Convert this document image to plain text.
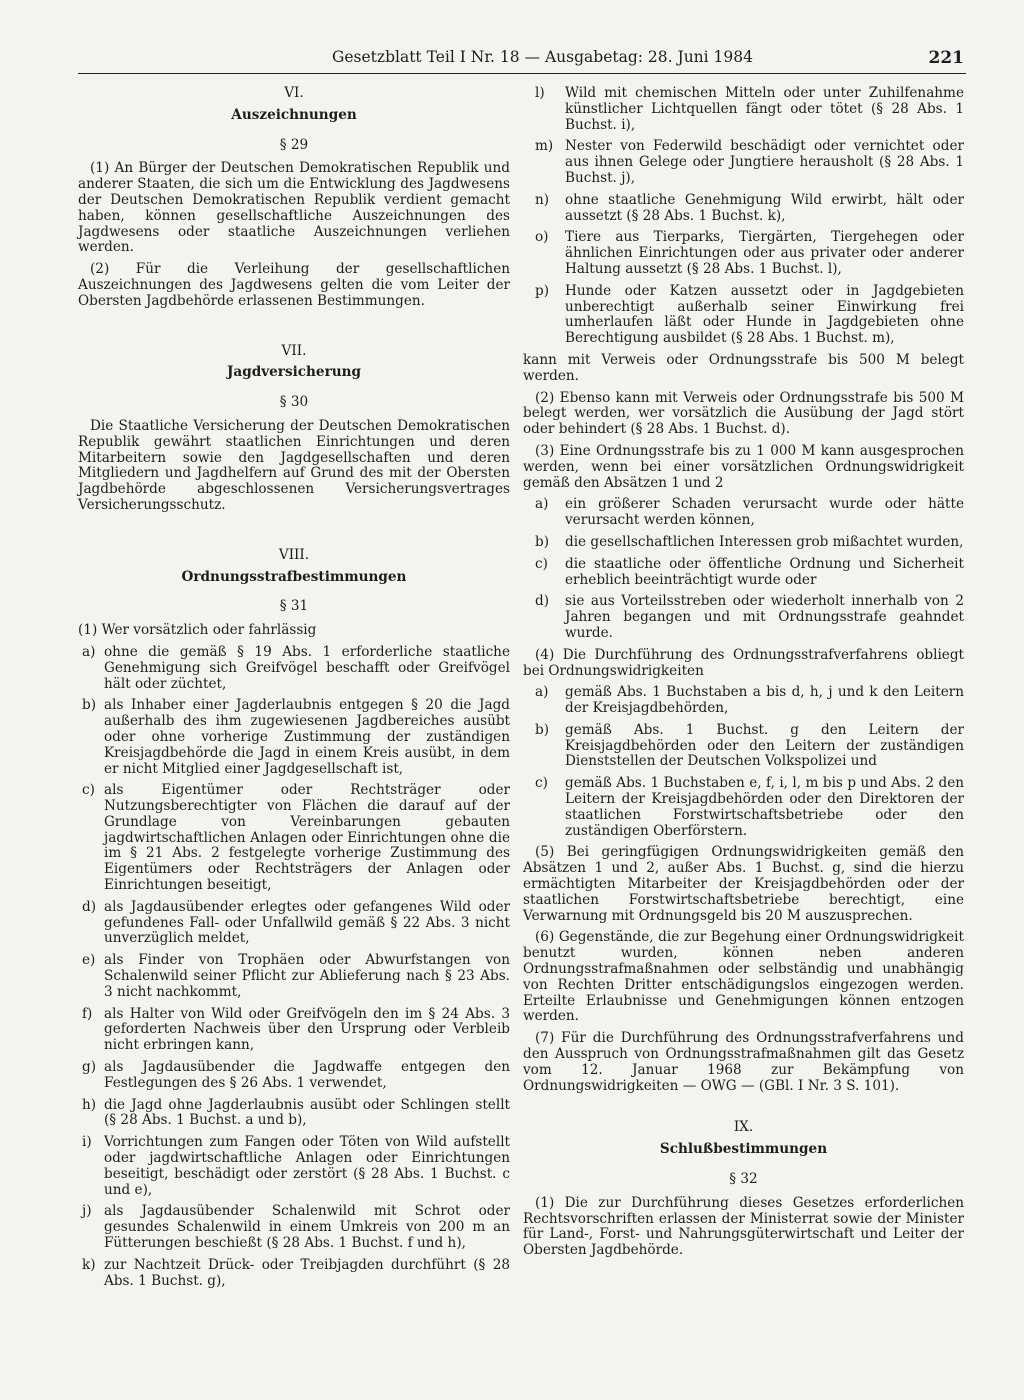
Gesetzblatt Teil I Nr. 18 — Ausgabetag: 28. Juni 1984	221

VI.

Auszeichnungen

§ 29

(1) An Bürger der Deutschen Demokratischen Republik und anderer Staaten, die sich um die Entwicklung des Jagdwesens der Deutschen Demokratischen Republik verdient gemacht haben, können gesellschaftliche Auszeichnungen des Jagdwesens oder staatliche Auszeichnungen verliehen werden.

(2) Für die Verleihung der gesellschaftlichen Auszeichnungen des Jagdwesens gelten die vom Leiter der Obersten Jagdbehörde erlassenen Bestimmungen.

VII.

Jagdversicherung

§ 30

Die Staatliche Versicherung der Deutschen Demokratischen Republik gewährt staatlichen Einrichtungen und deren Mitarbeitern sowie den Jagdgesellschaften und deren Mitgliedern und Jagdhelfern auf Grund des mit der Obersten Jagdbehörde abgeschlossenen Versicherungsvertrages Versicherungsschutz.

VIII.

Ordnungsstrafbestimmungen

§ 31

(1) Wer vorsätzlich oder fahrlässig

a) ohne die gemäß § 19 Abs. 1 erforderliche staatliche Genehmigung sich Greifvögel beschafft oder Greifvögel hält oder züchtet,
b) als Inhaber einer Jagderlaubnis entgegen § 20 die Jagd außerhalb des ihm zugewiesenen Jagdbereiches ausübt oder ohne vorherige Zustimmung der zuständigen Kreisjagdbehörde die Jagd in einem Kreis ausübt, in dem er nicht Mitglied einer Jagdgesellschaft ist,
c) als Eigentümer oder Rechtsträger oder Nutzungsberechtigter von Flächen die darauf auf der Grundlage von Vereinbarungen gebauten jagdwirtschaftlichen Anlagen oder Einrichtungen ohne die im § 21 Abs. 2 festgelegte vorherige Zustimmung des Eigentümers oder Rechtsträgers der Anlagen oder Einrichtungen beseitigt,
d) als Jagdausübender erlegtes oder gefangenes Wild oder gefundenes Fall- oder Unfallwild gemäß § 22 Abs. 3 nicht unverzüglich meldet,
e) als Finder von Trophäen oder Abwurfstangen von Schalenwild seiner Pflicht zur Ablieferung nach § 23 Abs. 3 nicht nachkommt,
f) als Halter von Wild oder Greifvögeln den im § 24 Abs. 3 geforderten Nachweis über den Ursprung oder Verbleib nicht erbringen kann,
g) als Jagdausübender die Jagdwaffe entgegen den Festlegungen des § 26 Abs. 1 verwendet,
h) die Jagd ohne Jagderlaubnis ausübt oder Schlingen stellt (§ 28 Abs. 1 Buchst. a und b),
i) Vorrichtungen zum Fangen oder Töten von Wild aufstellt oder jagdwirtschaftliche Anlagen oder Einrichtungen beseitigt, beschädigt oder zerstört (§ 28 Abs. 1 Buchst. c und e),
j) als Jagdausübender Schalenwild mit Schrot oder gesundes Schalenwild in einem Umkreis von 200 m an Fütterungen beschießt (§ 28 Abs. 1 Buchst. f und h),
k) zur Nachtzeit Drück- oder Treibjagden durchführt (§ 28 Abs. 1 Buchst. g),
l)	Wild mit chemischen Mitteln oder unter Zuhilfenahme künstlicher Lichtquellen fängt oder tötet (§ 28 Abs. 1 Buchst. i),
m) Nester von Federwild beschädigt oder vernichtet oder aus ihnen Gelege oder Jungtiere herausholt (§ 28 Abs. 1 Buchst. j),
n)	ohne staatliche Genehmigung Wild erwirbt, hält oder aussetzt (§ 28 Abs. 1 Buchst. k),
o)	Tiere aus Tierparks, Tiergärten, Tiergehegen oder ähnlichen Einrichtungen oder aus privater oder anderer Haltung aussetzt (§ 28 Abs. 1 Buchst. l),
p)	Hunde oder Katzen aussetzt oder in Jagdgebieten unberechtigt außerhalb seiner Einwirkung frei umherlaufen läßt oder Hunde in Jagdgebieten ohne Berechtigung ausbildet (§ 28 Abs. 1 Buchst. m),

kann mit Verweis oder Ordnungsstrafe bis 500 M belegt werden.

(2) Ebenso kann mit Verweis oder Ordnungsstrafe bis 500 M belegt werden, wer vorsätzlich die Ausübung der Jagd stört oder behindert (§ 28 Abs. 1 Buchst. d).

(3) Eine Ordnungsstrafe bis zu 1 000 M kann ausgesprochen werden, wenn bei einer vorsätzlichen Ordnungswidrigkeit gemäß den Absätzen 1 und 2

a)	ein größerer Schaden verursacht wurde oder hätte verursacht werden können,
b)	die gesellschaftlichen Interessen grob mißachtet wurden,
c)	die staatliche oder öffentliche Ordnung und Sicherheit erheblich beeinträchtigt wurde oder
d)	sie aus Vorteilsstreben oder wiederholt innerhalb von 2 Jahren begangen und mit Ordnungsstrafe geahndet wurde.

(4) Die Durchführung des Ordnungsstrafverfahrens obliegt bei Ordnungswidrigkeiten

a)	gemäß Abs. 1 Buchstaben a bis d, h, j und k den Leitern der Kreisjagdbehörden,
b)	gemäß Abs. 1 Buchst. g den Leitern der Kreisjagdbehörden oder den Leitern der zuständigen Dienststellen der Deutschen Volkspolizei und
c)	gemäß Abs. 1 Buchstaben e, f, i, l, m bis p und Abs. 2 den Leitern der Kreisjagdbehörden oder den Direktoren der staatlichen Forstwirtschaftsbetriebe oder den zuständigen Oberförstern.

(5) Bei geringfügigen Ordnungswidrigkeiten gemäß den Absätzen 1 und 2, außer Abs. 1 Buchst. g, sind die hierzu ermächtigten Mitarbeiter der Kreisjagdbehörden oder der staatlichen Forstwirtschaftsbetriebe berechtigt, eine Verwarnung mit Ordnungsgeld bis 20 M auszusprechen.

(6) Gegenstände, die zur Begehung einer Ordnungswidrigkeit benutzt wurden, können neben anderen Ordnungsstrafmaßnahmen oder selbständig und unabhängig von Rechten Dritter entschädigungslos eingezogen werden. Erteilte Erlaubnisse und Genehmigungen können entzogen werden.

(7) Für die Durchführung des Ordnungsstrafverfahrens und den Ausspruch von Ordnungsstrafmaßnahmen gilt das Gesetz vom 12. Januar 1968 zur Bekämpfung von Ordnungswidrigkeiten — OWG — (GBl. I Nr. 3 S. 101).

IX.

Schlußbestimmungen

§ 32

(1) Die zur Durchführung dieses Gesetzes erforderlichen Rechtsvorschriften erlassen der Ministerrat sowie der Minister für Land-, Forst- und Nahrungsgüterwirtschaft und Leiter der Obersten Jagdbehörde.
